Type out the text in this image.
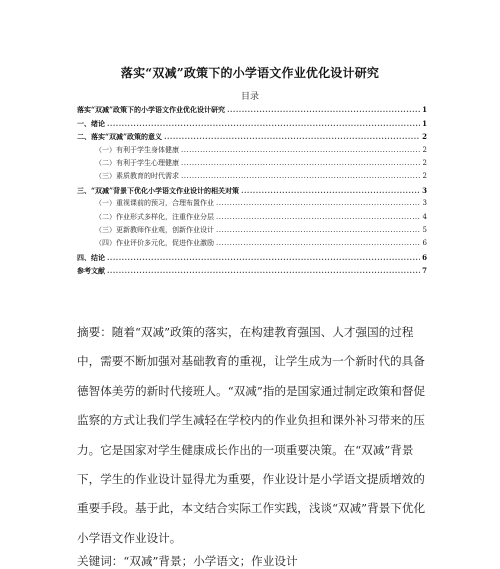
落实“双减”政策下的小学语文作业优化设计研究
目录
落实“双减”政策下的小学语文作业优化设计研究 .....	1
一、绪论 .....	1
二、落实“双减”政策的意义 .....	2
（一）有利于学生身体健康 .....	2
（二）有利于学生心理健康 .....	2
（三）素质教育的时代需求 .....	2
三、“双减”背景下优化小学语文作业设计的相关对策 .....	3
（一）重视课前的预习，合理布置作业 .....	3
（二）作业形式多样化，注重作业分层 .....	4
（三）更新教师作业观，创新作业设计 .....	5
（四）作业评价多元化，促进作业激励 .....	6
四、结论 .....	6
参考文献 .....	7

摘要：随着“双减”政策的落实，在构建教育强国、人才强国的过程中，需要不断加强对基础教育的重视，让学生成为一个新时代的具备德智体美劳的新时代接班人。“双减”指的是国家通过制定政策和督促监察的方式让我们学生减轻在学校内的作业负担和课外补习带来的压力。它是国家对学生健康成长作出的一项重要决策。在“双减”背景下，学生的作业设计显得尤为重要，作业设计是小学语文提质增效的重要手段。基于此，本文结合实际工作实践，浅谈“双减”背景下优化小学语文作业设计。

关键词：“双减”背景；小学语文；作业设计
